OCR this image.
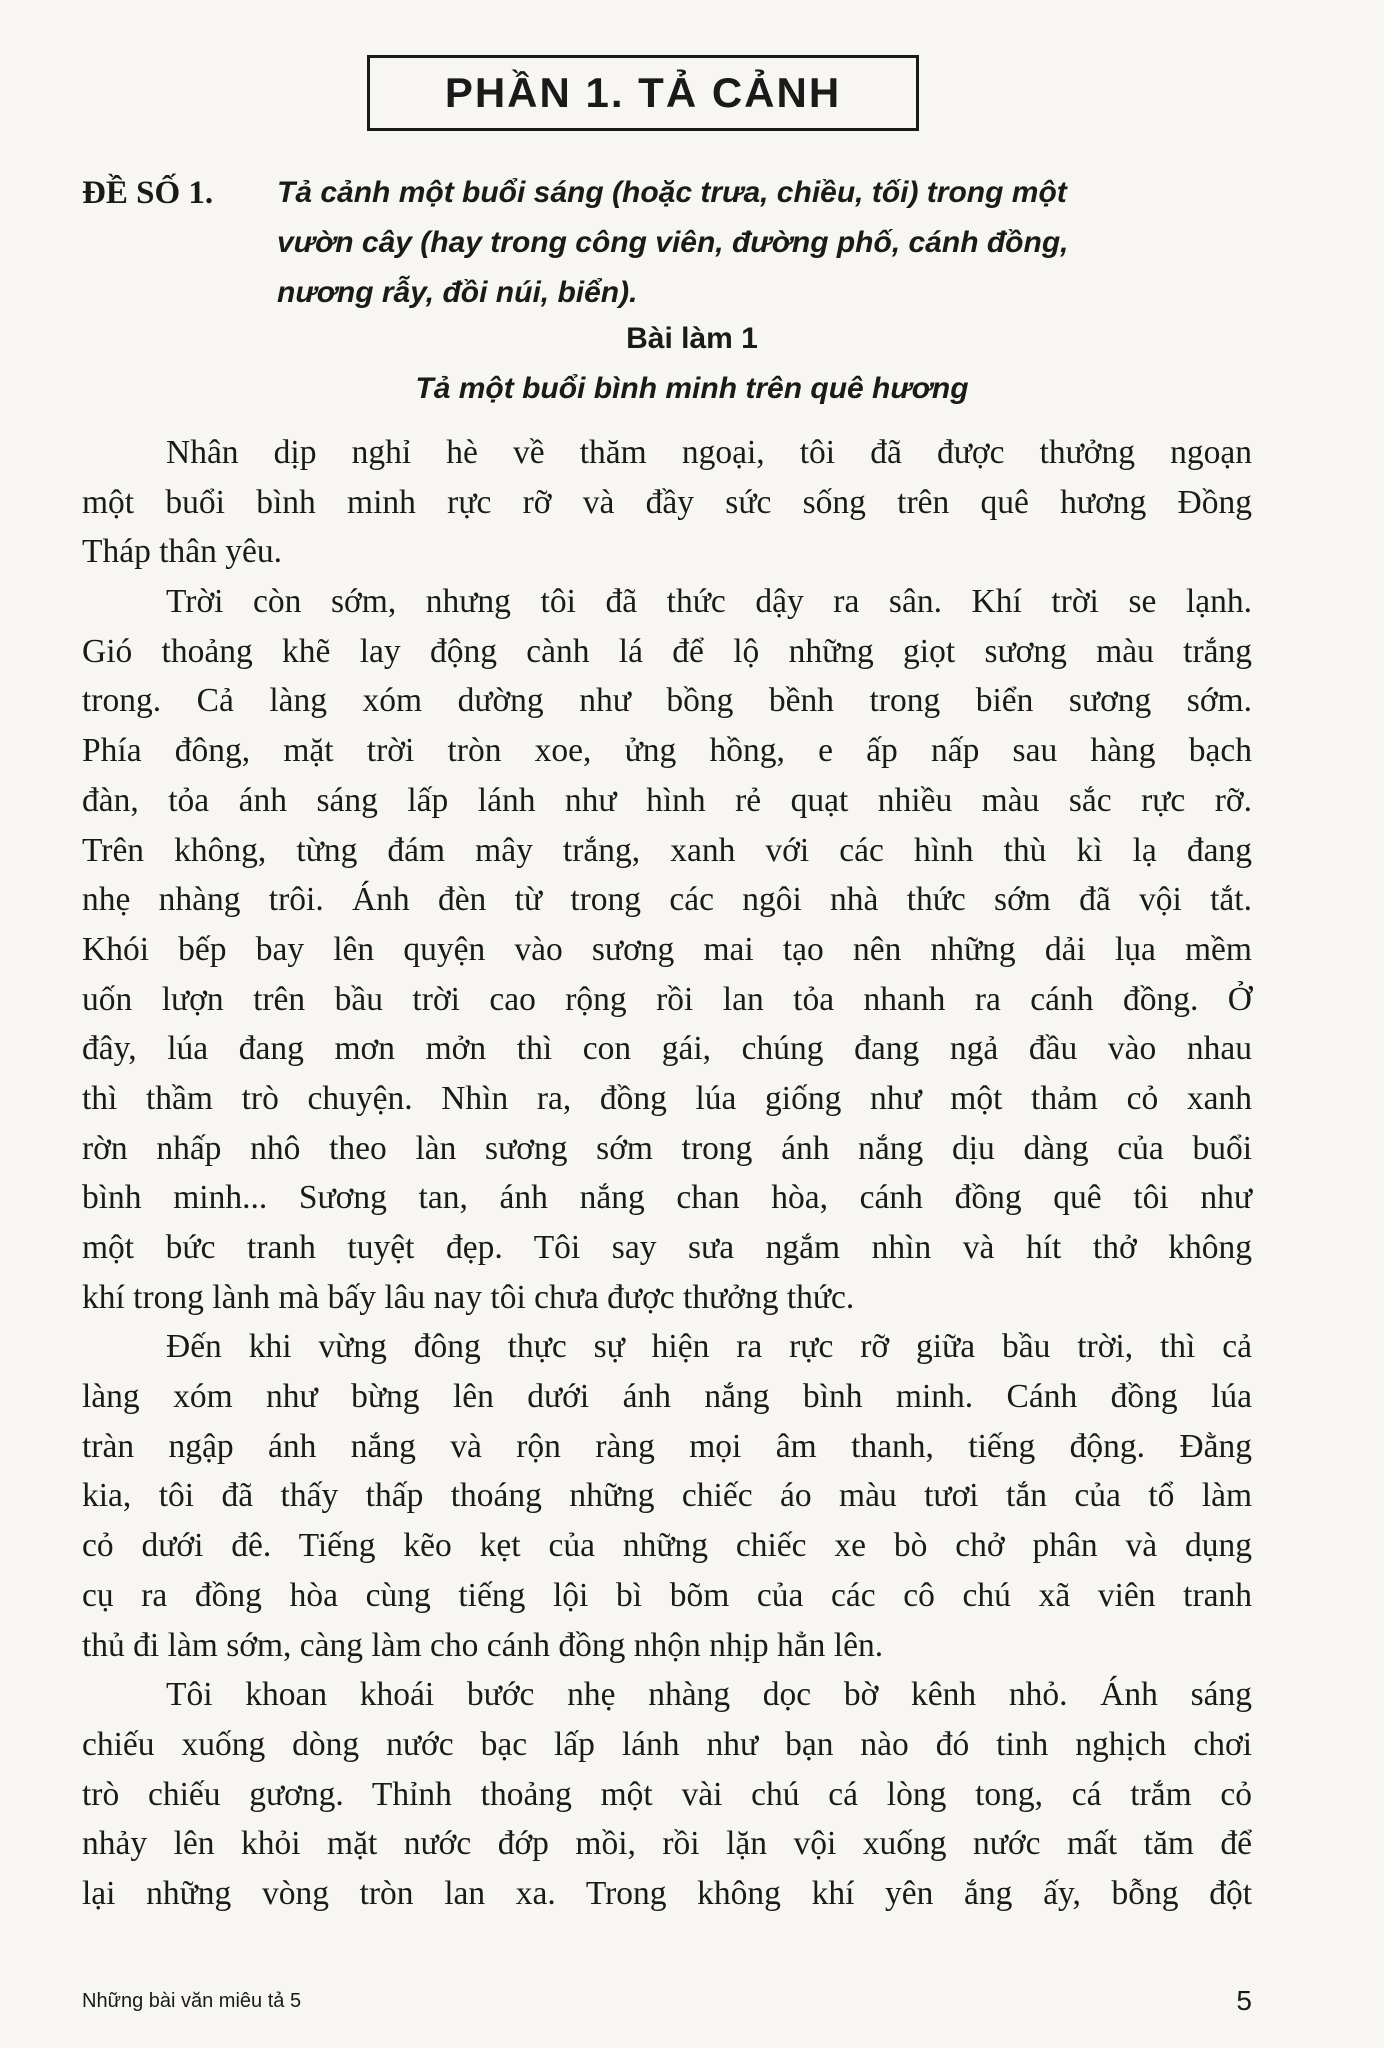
PHẦN 1. TẢ CẢNH
ĐỀ SỐ 1. Tả cảnh một buổi sáng (hoặc trưa, chiều, tối) trong một
vườn cây (hay trong công viên, đường phố, cánh đồng,
nương rẫy, đồi núi, biển).
Bài làm 1
Tả một buổi bình minh trên quê hương
Nhân dịp nghỉ hè về thăm ngoại, tôi đã được thưởng ngoạn
một buổi bình minh rực rỡ và đầy sức sống trên quê hương Đồng
Tháp thân yêu.
Trời còn sớm, nhưng tôi đã thức dậy ra sân. Khí trời se lạnh.
Gió thoảng khẽ lay động cành lá để lộ những giọt sương màu trắng
trong. Cả làng xóm dường như bồng bềnh trong biển sương sớm.
Phía đông, mặt trời tròn xoe, ửng hồng, e ấp nấp sau hàng bạch
đàn, tỏa ánh sáng lấp lánh như hình rẻ quạt nhiều màu sắc rực rỡ.
Trên không, từng đám mây trắng, xanh với các hình thù kì lạ đang
nhẹ nhàng trôi. Ánh đèn từ trong các ngôi nhà thức sớm đã vội tắt.
Khói bếp bay lên quyện vào sương mai tạo nên những dải lụa mềm
uốn lượn trên bầu trời cao rộng rồi lan tỏa nhanh ra cánh đồng. Ở
đây, lúa đang mơn mởn thì con gái, chúng đang ngả đầu vào nhau
thì thầm trò chuyện. Nhìn ra, đồng lúa giống như một thảm cỏ xanh
rờn nhấp nhô theo làn sương sớm trong ánh nắng dịu dàng của buổi
bình minh... Sương tan, ánh nắng chan hòa, cánh đồng quê tôi như
một bức tranh tuyệt đẹp. Tôi say sưa ngắm nhìn và hít thở không
khí trong lành mà bấy lâu nay tôi chưa được thưởng thức.
Đến khi vừng đông thực sự hiện ra rực rỡ giữa bầu trời, thì cả
làng xóm như bừng lên dưới ánh nắng bình minh. Cánh đồng lúa
tràn ngập ánh nắng và rộn ràng mọi âm thanh, tiếng động. Đằng
kia, tôi đã thấy thấp thoáng những chiếc áo màu tươi tắn của tổ làm
cỏ dưới đê. Tiếng kẽo kẹt của những chiếc xe bò chở phân và dụng
cụ ra đồng hòa cùng tiếng lội bì bõm của các cô chú xã viên tranh
thủ đi làm sớm, càng làm cho cánh đồng nhộn nhịp hẳn lên.
Tôi khoan khoái bước nhẹ nhàng dọc bờ kênh nhỏ. Ánh sáng
chiếu xuống dòng nước bạc lấp lánh như bạn nào đó tinh nghịch chơi
trò chiếu gương. Thỉnh thoảng một vài chú cá lòng tong, cá trắm cỏ
nhảy lên khỏi mặt nước đớp mồi, rồi lặn vội xuống nước mất tăm để
lại những vòng tròn lan xa. Trong không khí yên ắng ấy, bỗng đột
Những bài văn miêu tả 5	5
